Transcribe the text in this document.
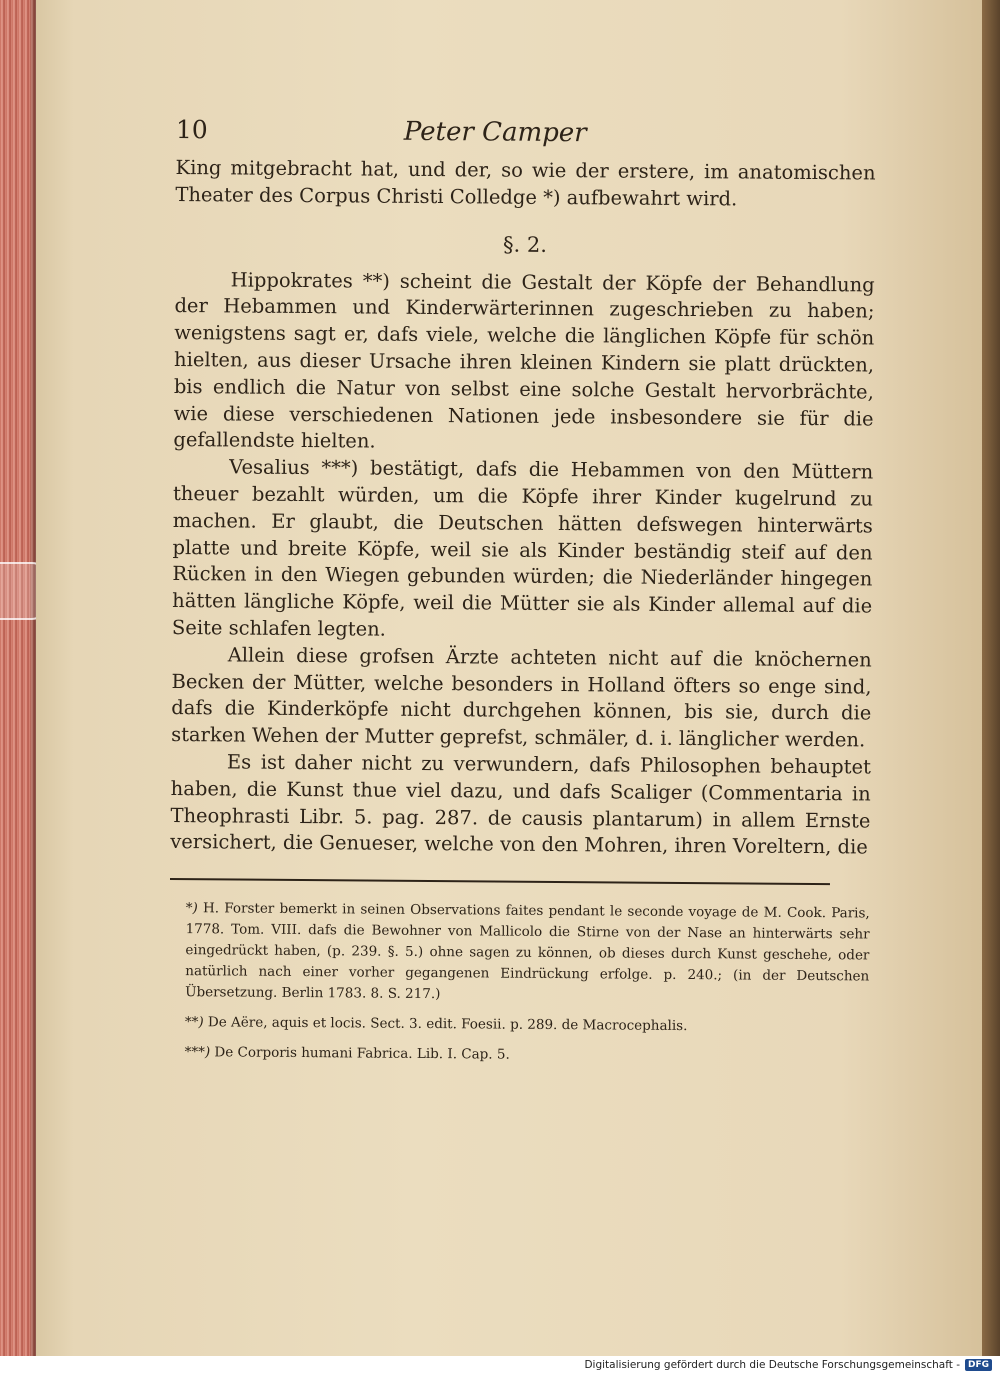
10	Peter Camper

King mitgebracht hat, und der, so wie der erstere, im anatomischen Theater des Corpus Christi Colledge *) aufbewahrt wird.

§. 2.

Hippokrates **) scheint die Gestalt der Köpfe der Behandlung der Hebammen und Kinderwärterinnen zugeschrieben zu haben; wenigstens sagt er, dafs viele, welche die länglichen Köpfe für schön hielten, aus dieser Ursache ihren kleinen Kindern sie platt drückten, bis endlich die Natur von selbst eine solche Gestalt hervorbrächte, wie diese verschiedenen Nationen jede insbesondere sie für die gefallendste hielten.

Vesalius ***) bestätigt, dafs die Hebammen von den Müttern theuer bezahlt würden, um die Köpfe ihrer Kinder kugelrund zu machen. Er glaubt, die Deutschen hätten defswegen hinterwärts platte und breite Köpfe, weil sie als Kinder beständig steif auf den Rücken in den Wiegen gebunden würden; die Niederländer hingegen hätten längliche Köpfe, weil die Mütter sie als Kinder allemal auf die Seite schlafen legten.

Allein diese grofsen Ärzte achteten nicht auf die knöchernen Becken der Mütter, welche besonders in Holland öfters so enge sind, dafs die Kinderköpfe nicht durchgehen können, bis sie, durch die starken Wehen der Mutter geprefst, schmäler, d. i. länglicher werden.

Es ist daher nicht zu verwundern, dafs Philosophen behauptet haben, die Kunst thue viel dazu, und dafs Scaliger (Commentaria in Theophrasti Libr. 5. pag. 287. de causis plantarum) in allem Ernste versichert, die Genueser, welche von den Mohren, ihren Voreltern, die

*) H. Forster bemerkt in seinen Observations faites pendant le seconde voyage de M. Cook. Paris, 1778. Tom. VIII. dafs die Bewohner von Mallicolo die Stirne von der Nase an hinterwärts sehr eingedrückt haben, (p. 239. §. 5.) ohne sagen zu können, ob dieses durch Kunst geschehe, oder natürlich nach einer vorher gegangenen Eindrückung erfolge. p. 240.; (in der Deutschen Übersetzung. Berlin 1783. 8. S. 217.)

**) De Aëre, aquis et locis. Sect. 3. edit. Foesii. p. 289. de Macrocephalis.

***) De Corporis humani Fabrica. Lib. I. Cap. 5.

Digitalisierung gefördert durch die Deutsche Forschungsgemeinschaft - DFG
